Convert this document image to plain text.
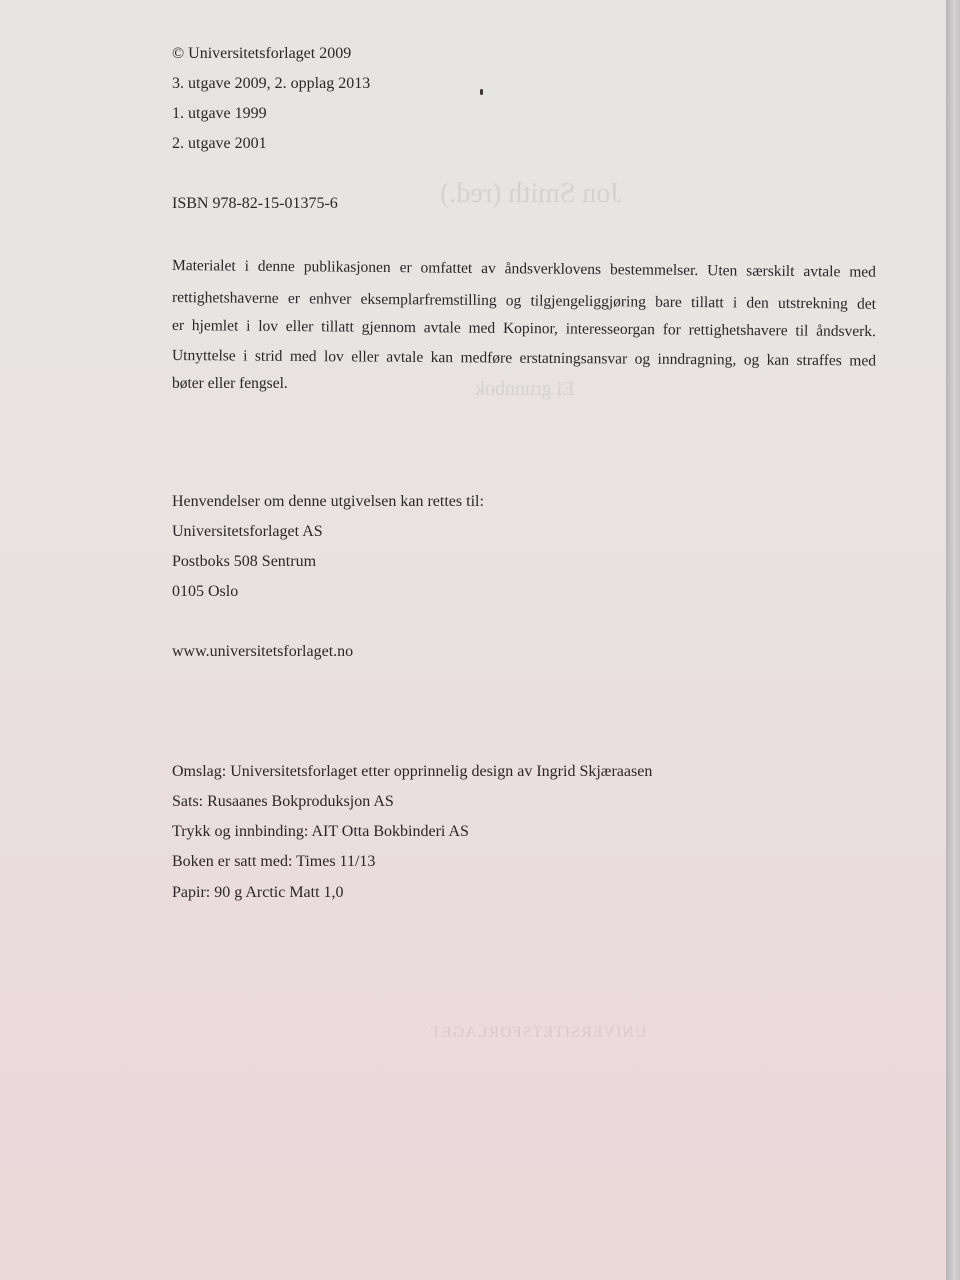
Jon Smith (red.)
Ei grunnbok
UNIVERSITETSFORLAGET
© Universitetsforlaget 2009
3. utgave 2009, 2. opplag 2013
1. utgave 1999
2. utgave 2001
ISBN 978-82-15-01375-6
Materialet i denne publikasjonen er omfattet av åndsverklovens bestemmelser. Uten særskilt avtale med
rettighetshaverne er enhver eksemplarfremstilling og tilgjengeliggjøring bare tillatt i den utstrekning det
er hjemlet i lov eller tillatt gjennom avtale med Kopinor, interesseorgan for rettighetshavere til åndsverk.
Utnyttelse i strid med lov eller avtale kan medføre erstatningsansvar og inndragning, og kan straffes med
bøter eller fengsel.
Henvendelser om denne utgivelsen kan rettes til:
Universitetsforlaget AS
Postboks 508 Sentrum
0105 Oslo
www.universitetsforlaget.no
Omslag: Universitetsforlaget etter opprinnelig design av Ingrid Skjæraasen
Sats: Rusaanes Bokproduksjon AS
Trykk og innbinding: AIT Otta Bokbinderi AS
Boken er satt med: Times 11/13
Papir: 90 g Arctic Matt 1,0
